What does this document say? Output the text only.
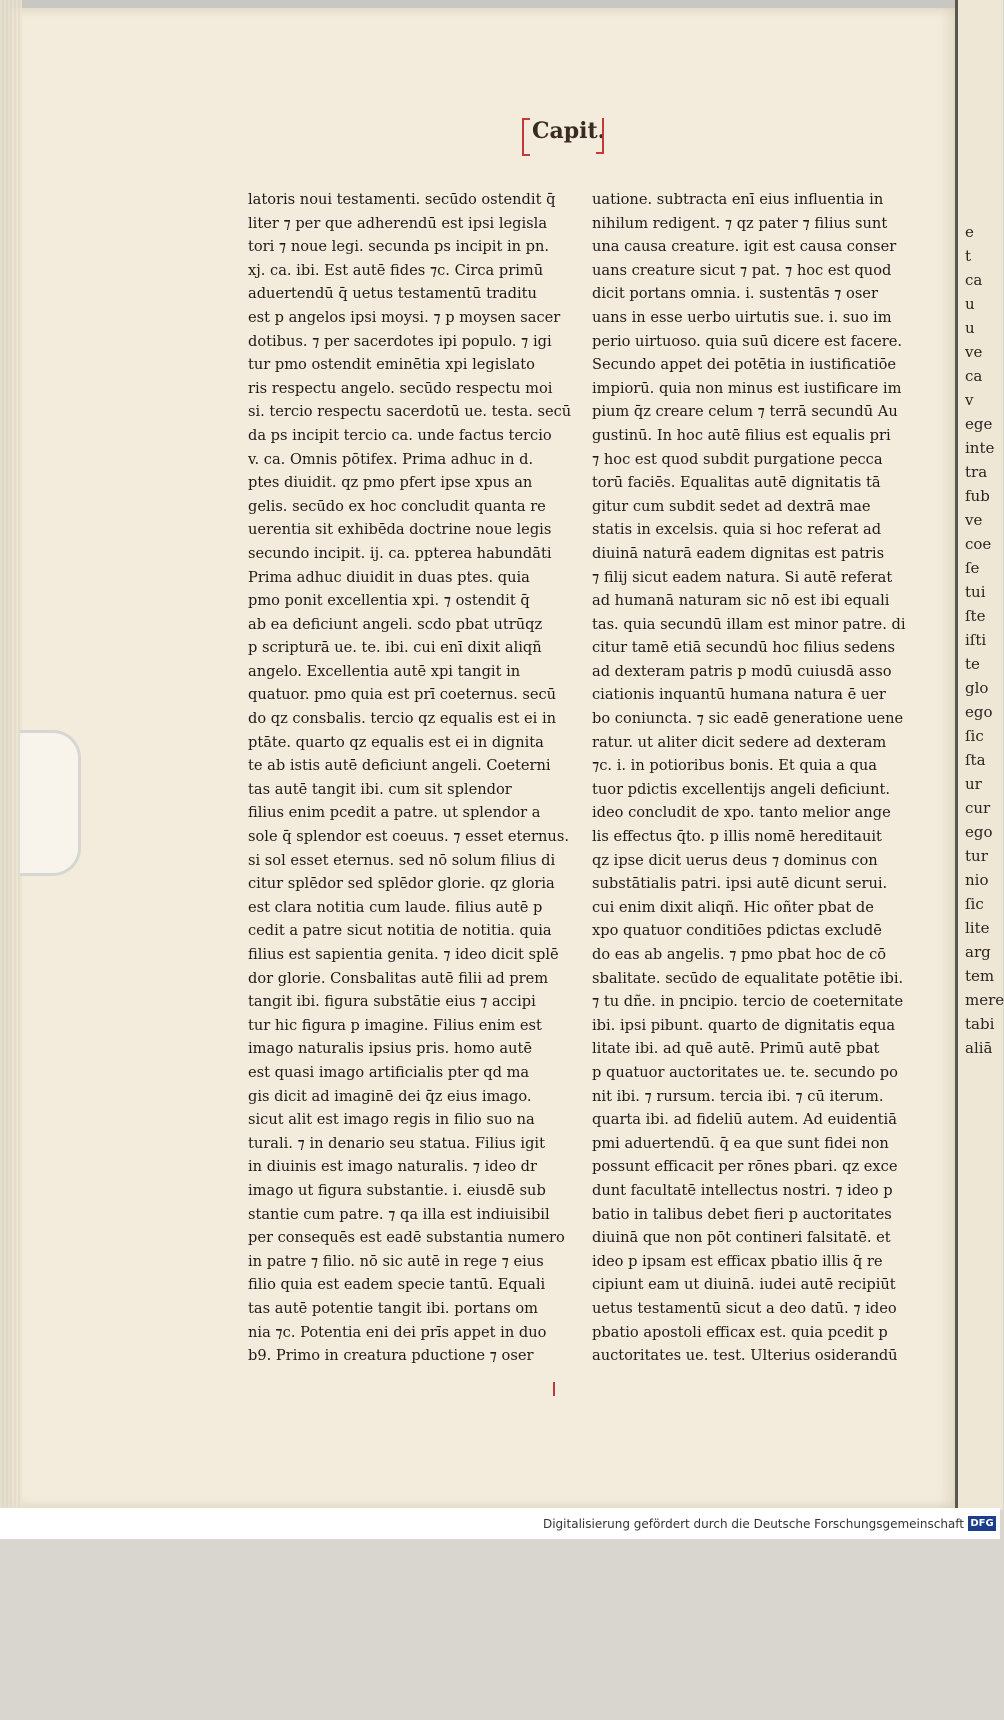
e
t
ca
u
u
ve
ca
v
ege
inte
tra
fub
ve
coe
ſe
tui
ſte
iſti
te
glo
ego
ſic
ſta
ur
cur
ego
tur
nio
ſic
lite
arg
tem
mere
tabi
aliā
Capit.
latoris noui testamenti. secūdo ostendit q̄
liter ⁊ per que adherendū est ipsi legisla
tori ⁊ noue legi. secunda ps incipit in pn.
xj. ca. ibi. Est autē fides ⁊c. Circa primū
aduertendū q̄ uetus testamentū traditu
est p angelos ipsi moysi. ⁊ p moysen sacer
dotibus. ⁊ per sacerdotes ipi populo. ⁊ igi
tur pmo ostendit eminētia xpi legislato
ris respectu angelo. secūdo respectu moi
si. tercio respectu sacerdotū ue. testa. secū
da ps incipit tercio ca. unde factus tercio
v. ca. Omnis pōtifex. Prima adhuc in d.
ptes diuidit. qz pmo pfert ipse xpus an
gelis. secūdo ex hoc concludit quanta re
uerentia sit exhibēda doctrine noue legis
secundo incipit. ij. ca. ppterea habundāti
Prima adhuc diuidit in duas ptes. quia
pmo ponit excellentia xpi. ⁊ ostendit q̄
ab ea deficiunt angeli. scdo pbat utrūqz
p scripturā ue. te. ibi. cui enī dixit aliqñ
angelo. Excellentia autē xpi tangit in
quatuor. pmo quia est prī coeternus. secū
do qz consbalis. tercio qz equalis est ei in
ptāte. quarto qz equalis est ei in dignita
te ab istis autē deficiunt angeli. Coeterni
tas autē tangit ibi. cum sit splendor
filius enim pcedit a patre. ut splendor a
sole q̄ splendor est coeuus. ⁊ esset eternus.
si sol esset eternus. sed nō solum filius di
citur splēdor sed splēdor glorie. qz gloria
est clara notitia cum laude. filius autē p
cedit a patre sicut notitia de notitia. quia
filius est sapientia genita. ⁊ ideo dicit splē
dor glorie. Consbalitas autē filii ad prem
tangit ibi. figura substātie eius ⁊ accipi
tur hic figura p imagine. Filius enim est
imago naturalis ipsius pris. homo autē
est quasi imago artificialis pter qd ma
gis dicit ad imaginē dei q̄z eius imago.
sicut alit est imago regis in filio suo na
turali. ⁊ in denario seu statua. Filius igit
in diuinis est imago naturalis. ⁊ ideo dr
imago ut figura substantie. i. eiusdē sub
stantie cum patre. ⁊ qa illa est indiuisibil
per consequēs est eadē substantia numero
in patre ⁊ filio. nō sic autē in rege ⁊ eius
filio quia est eadem specie tantū. Equali
tas autē potentie tangit ibi. portans om
nia ⁊c. Potentia eni dei prīs appet in duo
b9. Primo in creatura pductione ⁊ oser
uatione. subtracta enī eius influentia in
nihilum redigent. ⁊ qz pater ⁊ filius sunt
una causa creature. igit est causa conser
uans creature sicut ⁊ pat. ⁊ hoc est quod
dicit portans omnia. i. sustentās ⁊ oser
uans in esse uerbo uirtutis sue. i. suo im
perio uirtuoso. quia suū dicere est facere.
Secundo appet dei potētia in iustificatiōe
impiorū. quia non minus est iustificare im
pium q̄z creare celum ⁊ terrā secundū Au
gustinū. In hoc autē filius est equalis pri
⁊ hoc est quod subdit purgatione pecca
torū faciēs. Equalitas autē dignitatis tā
gitur cum subdit sedet ad dextrā mae
statis in excelsis. quia si hoc referat ad
diuinā naturā eadem dignitas est patris
⁊ filij sicut eadem natura. Si autē referat
ad humanā naturam sic nō est ibi equali
tas. quia secundū illam est minor patre. di
citur tamē etiā secundū hoc filius sedens
ad dexteram patris p modū cuiusdā asso
ciationis inquantū humana natura ē uer
bo coniuncta. ⁊ sic eadē generatione uene
ratur. ut aliter dicit sedere ad dexteram
⁊c. i. in potioribus bonis. Et quia a qua
tuor pdictis excellentijs angeli deficiunt.
ideo concludit de xpo. tanto melior ange
lis effectus q̄to. p illis nomē hereditauit
qz ipse dicit uerus deus ⁊ dominus con
substātialis patri. ipsi autē dicunt serui.
cui enim dixit aliqñ. Hic oñter pbat de
xpo quatuor conditiōes pdictas excludē
do eas ab angelis. ⁊ pmo pbat hoc de cō
sbalitate. secūdo de equalitate potētie ibi.
⁊ tu dñe. in pncipio. tercio de coeternitate
ibi. ipsi pibunt. quarto de dignitatis equa
litate ibi. ad quē autē. Primū autē pbat
p quatuor auctoritates ue. te. secundo po
nit ibi. ⁊ rursum. tercia ibi. ⁊ cū iterum.
quarta ibi. ad fideliū autem. Ad euidentiā
pmi aduertendū. q̄ ea que sunt fidei non
possunt efficacit per rōnes pbari. qz exce
dunt facultatē intellectus nostri. ⁊ ideo p
batio in talibus debet fieri p auctoritates
diuinā que non pōt contineri falsitatē. et
ideo p ipsam est efficax pbatio illis q̄ re
cipiunt eam ut diuinā. iudei autē recipiūt
uetus testamentū sicut a deo datū. ⁊ ideo
pbatio apostoli efficax est. quia pcedit p
auctoritates ue. test. Ulterius osiderandū
Digitalisierung gefördert durch die Deutsche Forschungsgemeinschaft DFG
